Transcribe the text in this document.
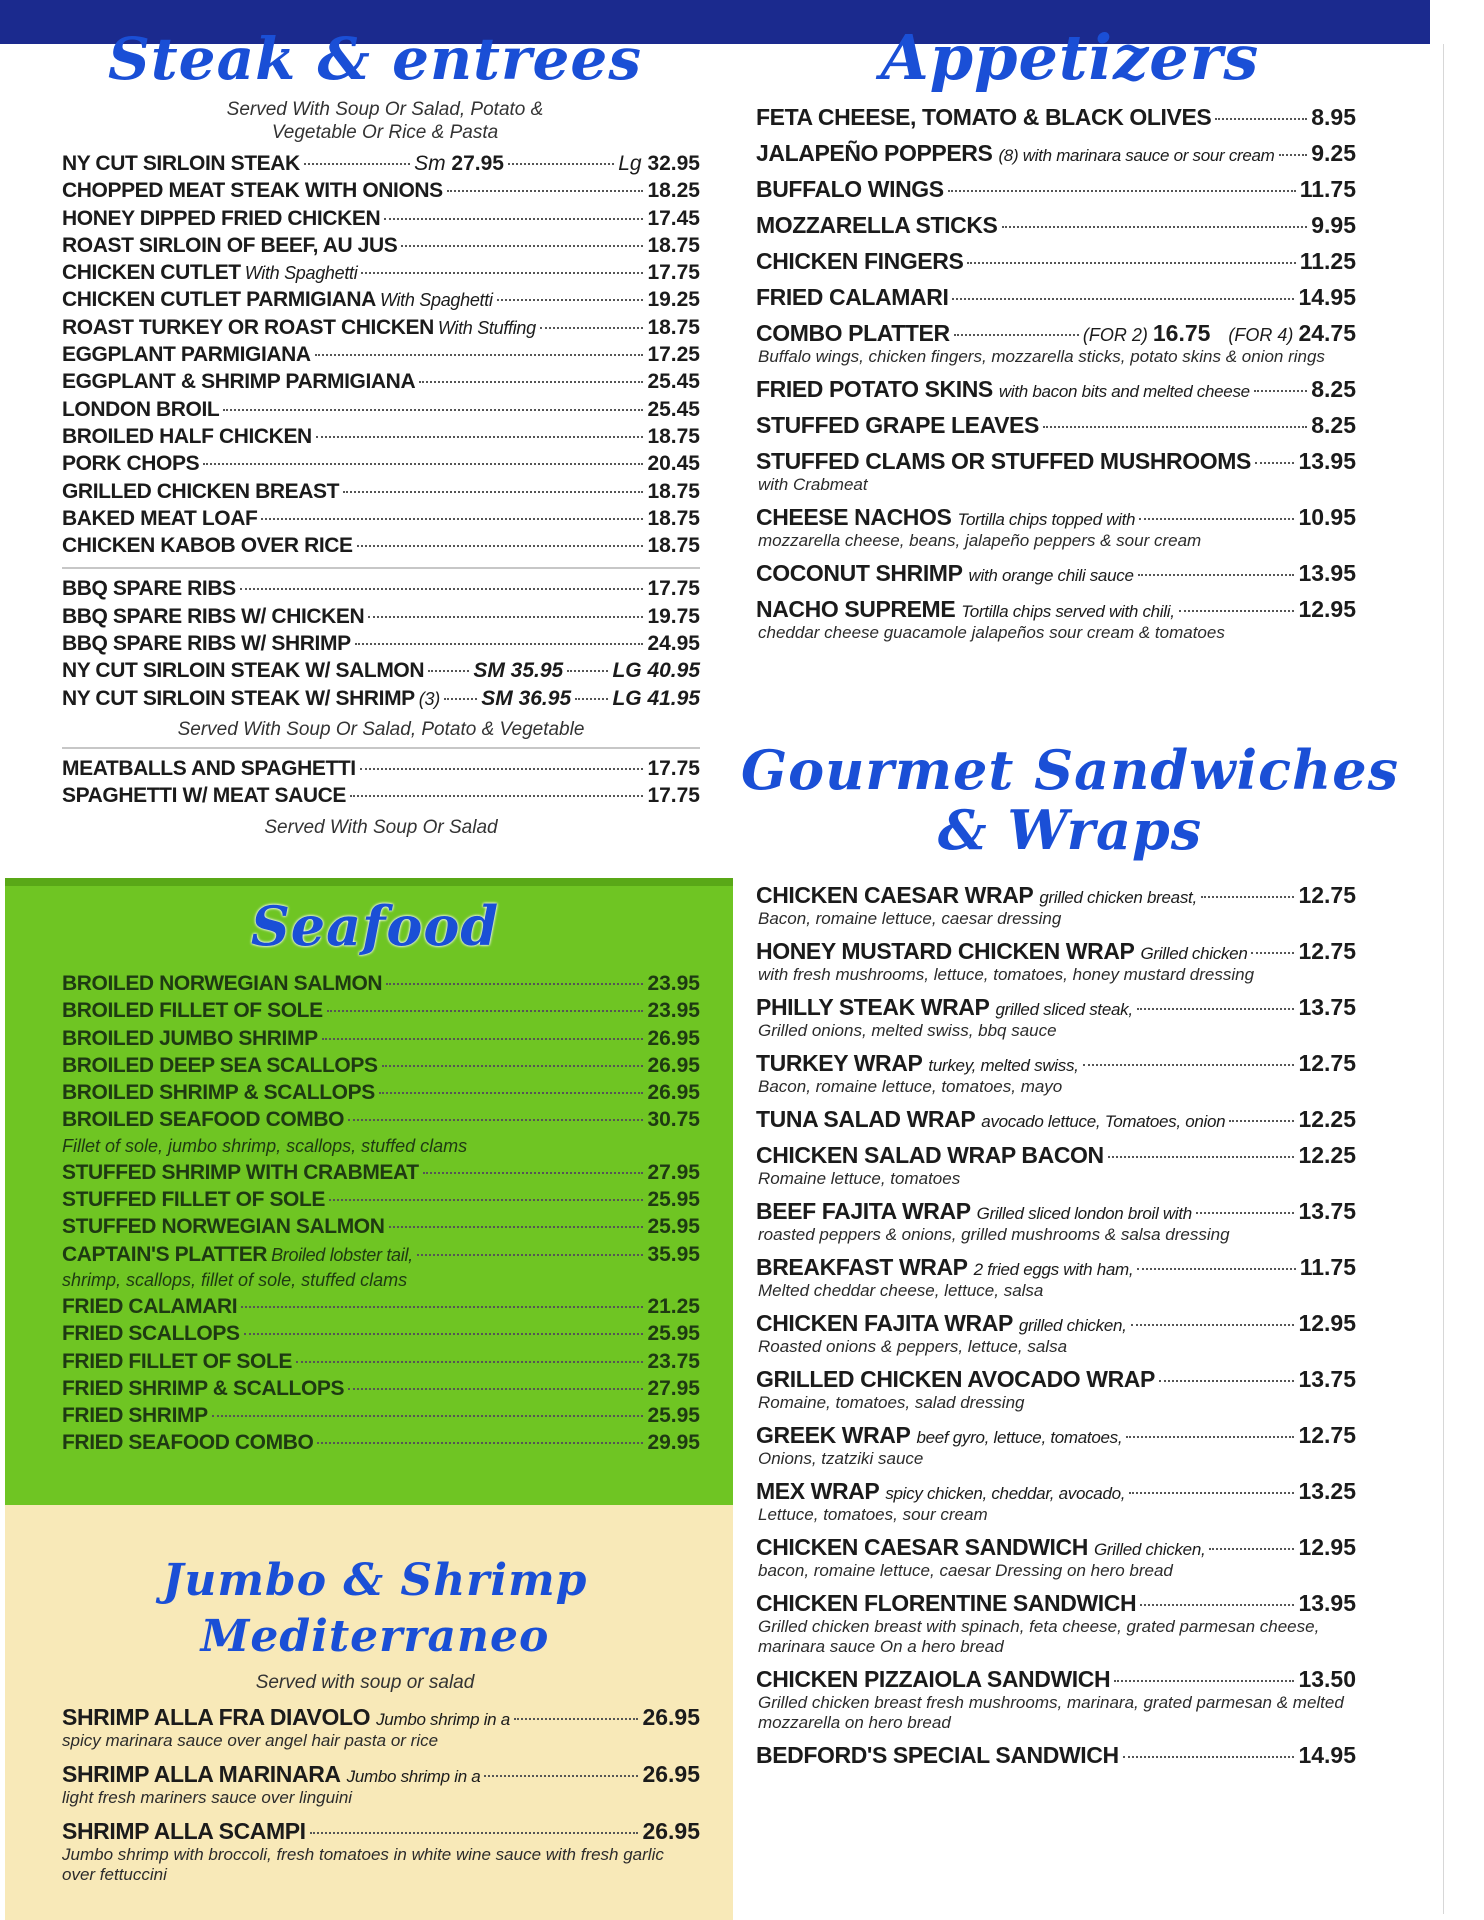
Steak & entrees
Served With Soup Or Salad, Potato & Vegetable Or Rice & Pasta
NY CUT SIRLOIN STEAK	Sm 27.95	Lg 32.95
CHOPPED MEAT STEAK WITH ONIONS	18.25
HONEY DIPPED FRIED CHICKEN	17.45
ROAST SIRLOIN OF BEEF, AU JUS	18.75
CHICKEN CUTLET With Spaghetti	17.75
CHICKEN CUTLET PARMIGIANA With Spaghetti	19.25
ROAST TURKEY OR ROAST CHICKEN With Stuffing	18.75
EGGPLANT PARMIGIANA	17.25
EGGPLANT & SHRIMP PARMIGIANA	25.45
LONDON BROIL	25.45
BROILED HALF CHICKEN	18.75
PORK CHOPS	20.45
GRILLED CHICKEN BREAST	18.75
BAKED MEAT LOAF	18.75
CHICKEN KABOB OVER RICE	18.75
BBQ SPARE RIBS	17.75
BBQ SPARE RIBS W/ CHICKEN	19.75
BBQ SPARE RIBS W/ SHRIMP	24.95
NY CUT SIRLOIN STEAK W/ SALMON SM 35.95 LG 40.95
NY CUT SIRLOIN STEAK W/ SHRIMP (3) SM 36.95 LG 41.95
Served With Soup Or Salad, Potato & Vegetable
MEATBALLS AND SPAGHETTI	17.75
SPAGHETTI W/ MEAT SAUCE	17.75
Served With Soup Or Salad
Seafood
BROILED NORWEGIAN SALMON	23.95
BROILED FILLET OF SOLE	23.95
BROILED JUMBO SHRIMP	26.95
BROILED DEEP SEA SCALLOPS	26.95
BROILED SHRIMP & SCALLOPS	26.95
BROILED SEAFOOD COMBO	30.75
Fillet of sole, jumbo shrimp, scallops, stuffed clams
STUFFED SHRIMP WITH CRABMEAT	27.95
STUFFED FILLET OF SOLE	25.95
STUFFED NORWEGIAN SALMON	25.95
CAPTAIN'S PLATTER Broiled lobster tail,	35.95
shrimp, scallops, fillet of sole, stuffed clams
FRIED CALAMARI	21.25
FRIED SCALLOPS	25.95
FRIED FILLET OF SOLE	23.75
FRIED SHRIMP & SCALLOPS	27.95
FRIED SHRIMP	25.95
FRIED SEAFOOD COMBO	29.95
Jumbo & Shrimp Mediterraneo
Served with soup or salad
SHRIMP ALLA FRA DIAVOLO Jumbo shrimp in a	26.95
spicy marinara sauce over angel hair pasta or rice
SHRIMP ALLA MARINARA Jumbo shrimp in a	26.95
light fresh mariners sauce over linguini
SHRIMP ALLA SCAMPI	26.95
Jumbo shrimp with broccoli, fresh tomatoes in white wine sauce with fresh garlic over fettuccini
Appetizers
FETA CHEESE, TOMATO & BLACK OLIVES	8.95
JALAPEÑO POPPERS (8) with marinara sauce or sour cream 9.25
BUFFALO WINGS	11.75
MOZZARELLA STICKS	9.95
CHICKEN FINGERS	11.25
FRIED CALAMARI	14.95
COMBO PLATTER	(FOR 2) 16.75 (FOR 4) 24.75
Buffalo wings, chicken fingers, mozzarella sticks, potato skins & onion rings
FRIED POTATO SKINS with bacon bits and melted cheese	8.25
STUFFED GRAPE LEAVES	8.25
STUFFED CLAMS OR STUFFED MUSHROOMS 13.95
with Crabmeat
CHEESE NACHOS Tortilla chips topped with	10.95
mozzarella cheese, beans, jalapeño peppers & sour cream
COCONUT SHRIMP with orange chili sauce	13.95
NACHO SUPREME Tortilla chips served with chili,	12.95
cheddar cheese guacamole jalapeños sour cream & tomatoes
Gourmet Sandwiches
& Wraps
CHICKEN CAESAR WRAP grilled chicken breast,	12.75
Bacon, romaine lettuce, caesar dressing
HONEY MUSTARD CHICKEN WRAP Grilled chicken 12.75
with fresh mushrooms, lettuce, tomatoes, honey mustard dressing
PHILLY STEAK WRAP grilled sliced steak,	13.75
Grilled onions, melted swiss, bbq sauce
TURKEY WRAP turkey, melted swiss,	12.75
Bacon, romaine lettuce, tomatoes, mayo
TUNA SALAD WRAP avocado lettuce, Tomatoes, onion	12.25
CHICKEN SALAD WRAP BACON	12.25
Romaine lettuce, tomatoes
BEEF FAJITA WRAP Grilled sliced london broil with	13.75
roasted peppers & onions, grilled mushrooms & salsa dressing
BREAKFAST WRAP 2 fried eggs with ham,	11.75
Melted cheddar cheese, lettuce, salsa
CHICKEN FAJITA WRAP grilled chicken,	12.95
Roasted onions & peppers, lettuce, salsa
GRILLED CHICKEN AVOCADO WRAP	13.75
Romaine, tomatoes, salad dressing
GREEK WRAP beef gyro, lettuce, tomatoes,	12.75
Onions, tzatziki sauce
MEX WRAP spicy chicken, cheddar, avocado,	13.25
Lettuce, tomatoes, sour cream
CHICKEN CAESAR SANDWICH Grilled chicken,	12.95
bacon, romaine lettuce, caesar Dressing on hero bread
CHICKEN FLORENTINE SANDWICH	13.95
Grilled chicken breast with spinach, feta cheese, grated parmesan cheese, marinara sauce On a hero bread
CHICKEN PIZZAIOLA SANDWICH	13.50
Grilled chicken breast fresh mushrooms, marinara, grated parmesan & melted mozzarella on hero bread
BEDFORD'S SPECIAL SANDWICH	14.95
